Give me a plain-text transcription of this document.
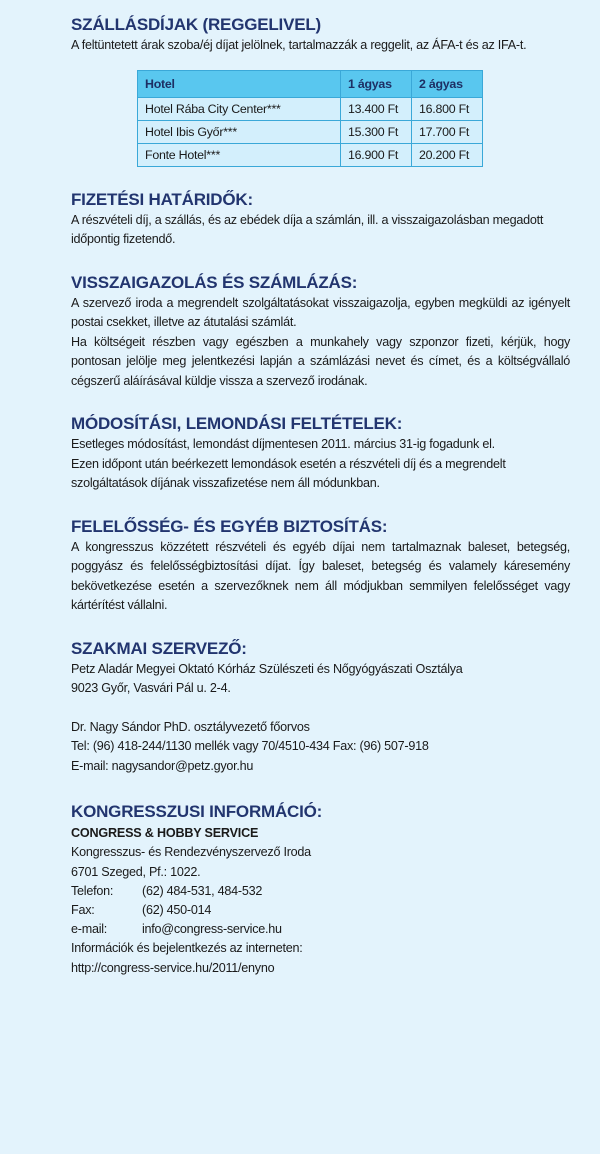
SZÁLLÁSDÍJAK (REGGELIVEL)

A feltüntetett árak szoba/éj díjat jelölnek, tartalmazzák a reggelit, az ÁFA-t és az IFA-t.

Hotel	1 ágyas	2 ágyas
Hotel Rába City Center***	13.400 Ft	16.800 Ft
Hotel Ibis Győr***	15.300 Ft	17.700 Ft
Fonte Hotel***	16.900 Ft	20.200 Ft
FIZETÉSI HATÁRIDŐK:

A részvételi díj, a szállás, és az ebédek díja a számlán, ill. a visszaigazolásban megadott időpontig fizetendő.

VISSZAIGAZOLÁS ÉS SZÁMLÁZÁS:

A szervező iroda a megrendelt szolgáltatásokat visszaigazolja, egyben megküldi az igényelt postai csekket, illetve az átutalási számlát.

Ha költségeit részben vagy egészben a munkahely vagy szponzor fizeti, kérjük, hogy pontosan jelölje meg jelentkezési lapján a számlázási nevet és címet, és a költségvállaló cégszerű aláírásával küldje vissza a szervező irodának.

MÓDOSÍTÁSI, LEMONDÁSI FELTÉTELEK:

Esetleges módosítást, lemondást díjmentesen 2011. március 31-ig fogadunk el.

Ezen időpont után beérkezett lemondások esetén a részvételi díj és a megrendelt szolgáltatások díjának visszafizetése nem áll módunkban.

FELELŐSSÉG- ÉS EGYÉB BIZTOSÍTÁS:

A kongresszus közzétett részvételi és egyéb díjai nem tartalmaznak baleset, betegség, poggyász és felelősségbiztosítási díjat. Így baleset, betegség és valamely káresemény bekövetkezése esetén a szervezőknek nem áll módjukban semmilyen felelősséget vagy kártérítést vállalni.

SZAKMAI SZERVEZŐ:

Petz Aladár Megyei Oktató Kórház Szülészeti és Nőgyógyászati Osztálya

9023 Győr, Vasvári Pál u. 2-4.

Dr. Nagy Sándor PhD. osztályvezető főorvos

Tel: (96) 418-244/1130 mellék vagy 70/4510-434 Fax: (96) 507-918

E-mail: nagysandor@petz.gyor.hu

KONGRESSZUSI INFORMÁCIÓ:
CONGRESS & HOBBY SERVICE

Kongresszus- és Rendezvényszervező Iroda

6701 Szeged, Pf.: 1022.

Telefon:	(62) 484-531, 484-532
Fax:	(62) 450-014
e-mail:	info@congress-service.hu

Információk és bejelentkezés az interneten:

http://congress-service.hu/2011/enyno
